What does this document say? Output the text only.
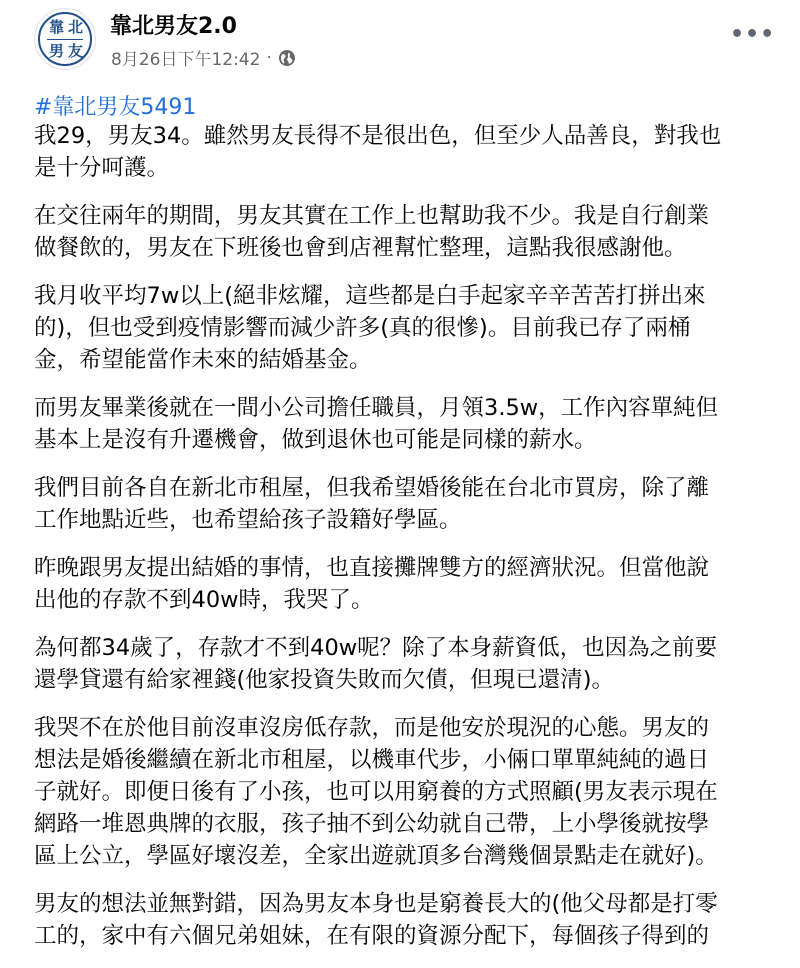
靠 北
男 友
靠北男友2.0
8月26日下午12:42 ·
•••
#靠北男友5491

我29，男友34。雖然男友長得不是很出色，但至少人品善良，對我也
是十分呵護。

在交往兩年的期間，男友其實在工作上也幫助我不少。我是自行創業
做餐飲的，男友在下班後也會到店裡幫忙整理，這點我很感謝他。

我月收平均7w以上(絕非炫耀，這些都是白手起家辛辛苦苦打拼出來
的)，但也受到疫情影響而減少許多(真的很慘)。目前我已存了兩桶
金，希望能當作未來的結婚基金。

而男友畢業後就在一間小公司擔任職員，月領3.5w，工作內容單純但
基本上是沒有升遷機會，做到退休也可能是同樣的薪水。

我們目前各自在新北市租屋，但我希望婚後能在台北市買房，除了離
工作地點近些，也希望給孩子設籍好學區。

昨晚跟男友提出結婚的事情，也直接攤牌雙方的經濟狀況。但當他說
出他的存款不到40w時，我哭了。

為何都34歲了，存款才不到40w呢？除了本身薪資低，也因為之前要
還學貸還有給家裡錢(他家投資失敗而欠債，但現已還清)。

我哭不在於他目前沒車沒房低存款，而是他安於現況的心態。男友的
想法是婚後繼續在新北市租屋，以機車代步，小倆口單單純純的過日
子就好。即便日後有了小孩，也可以用窮養的方式照顧(男友表示現在
網路一堆恩典牌的衣服，孩子抽不到公幼就自己帶，上小學後就按學
區上公立，學區好壞沒差，全家出遊就頂多台灣幾個景點走在就好)。

男友的想法並無對錯，因為男友本身也是窮養長大的(他父母都是打零
工的，家中有六個兄弟姐妹，在有限的資源分配下，每個孩子得到的
